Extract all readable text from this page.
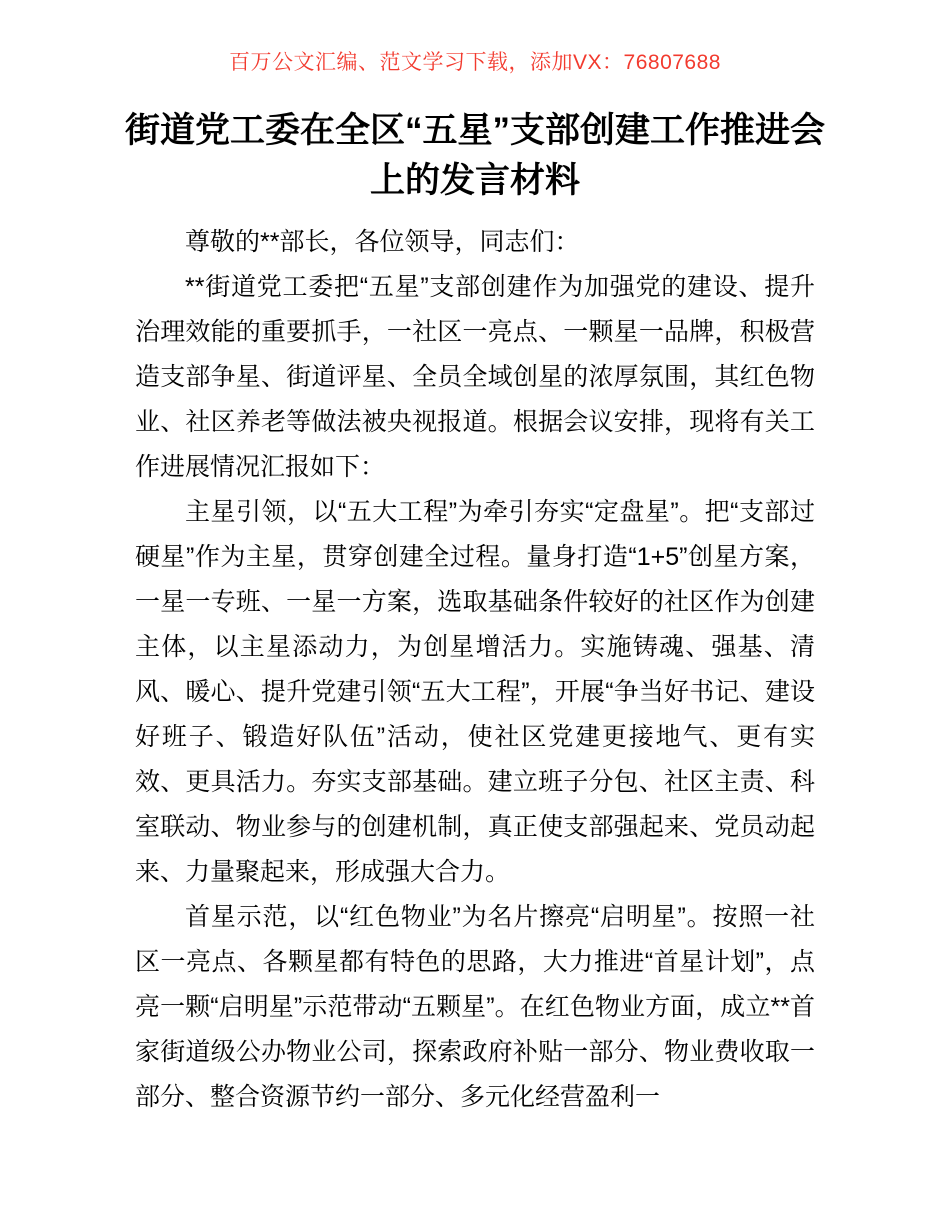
百万公文汇编、范文学习下载，添加VX：76807688
街道党工委在全区“五星”支部创建工作推进会上的发言材料

尊敬的**部长，各位领导，同志们：

**街道党工委把“五星”支部创建作为加强党的建设、提升治理效能的重要抓手，一社区一亮点、一颗星一品牌，积极营造支部争星、街道评星、全员全域创星的浓厚氛围，其红色物业、社区养老等做法被央视报道。根据会议安排，现将有关工作进展情况汇报如下：

主星引领，以“五大工程”为牵引夯实“定盘星”。把“支部过硬星”作为主星，贯穿创建全过程。量身打造“1+5”创星方案，一星一专班、一星一方案，选取基础条件较好的社区作为创建主体，以主星添动力，为创星增活力。实施铸魂、强基、清风、暖心、提升党建引领“五大工程”，开展“争当好书记、建设好班子、锻造好队伍”活动，使社区党建更接地气、更有实效、更具活力。夯实支部基础。建立班子分包、社区主责、科室联动、物业参与的创建机制，真正使支部强起来、党员动起来、力量聚起来，形成强大合力。

首星示范，以“红色物业”为名片擦亮“启明星”。按照一社区一亮点、各颗星都有特色的思路，大力推进“首星计划”，点亮一颗“启明星”示范带动“五颗星”。在红色物业方面，成立**首家街道级公办物业公司，探索政府补贴一部分、物业费收取一部分、整合资源节约一部分、多元化经营盈利一
